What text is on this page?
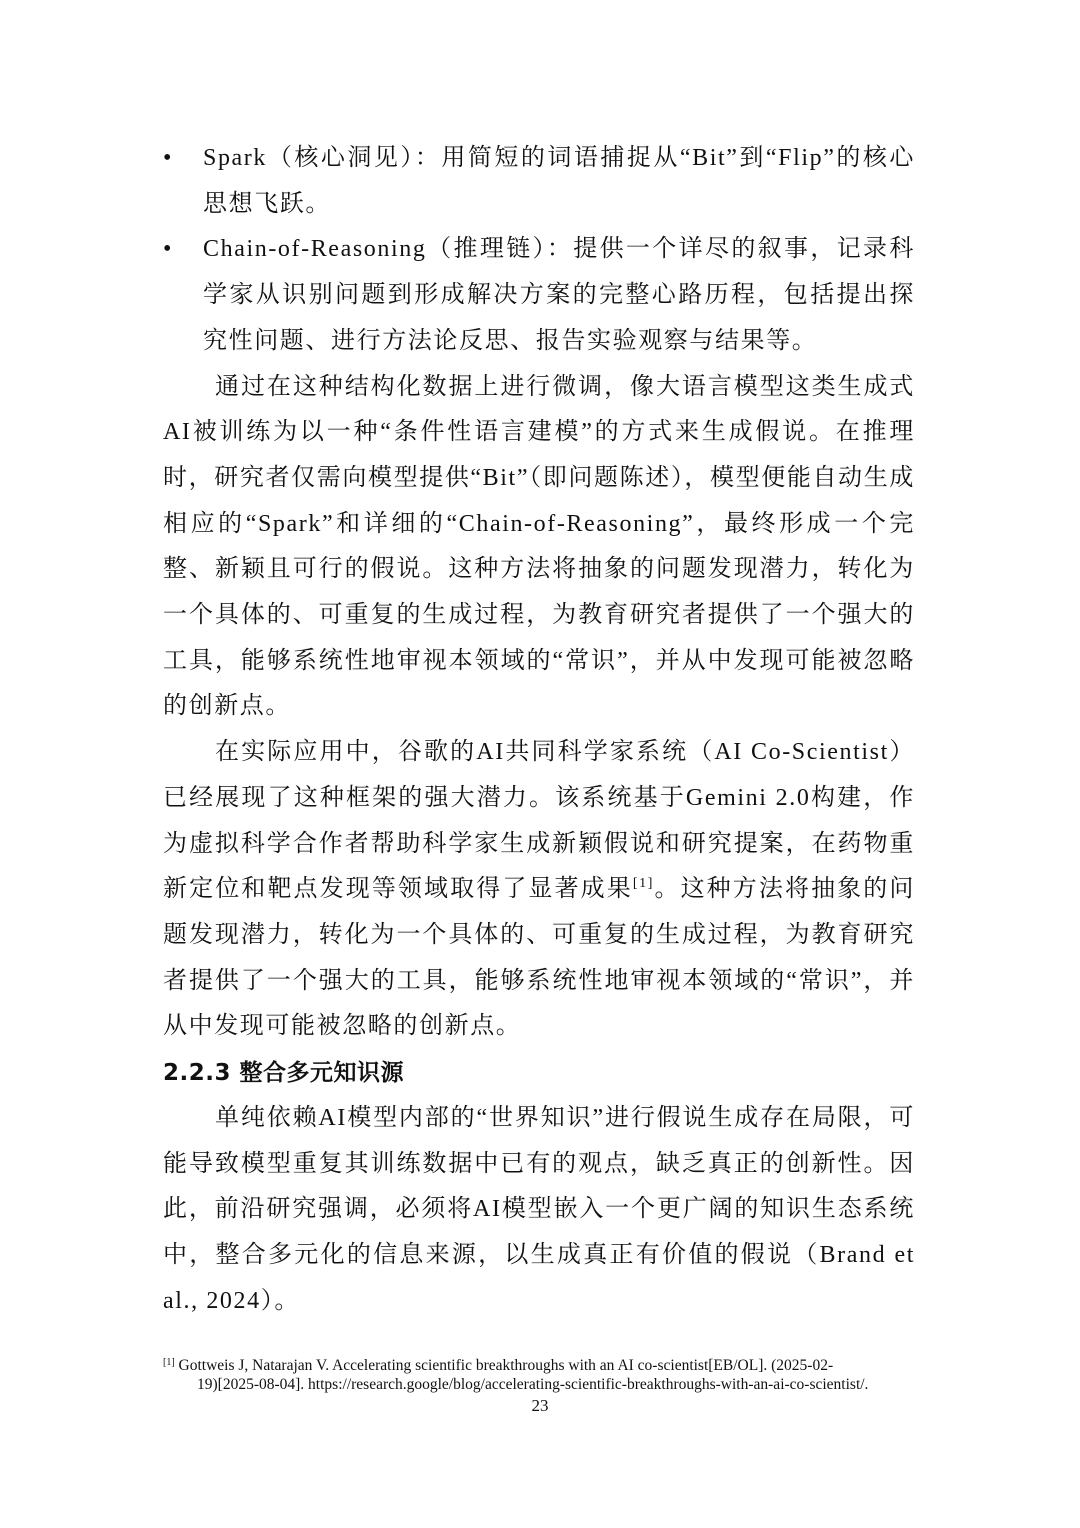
•	Spark（核心洞见）：用简短的词语捕捉从“Bit”到“Flip”的核心思想飞跃。

•	Chain-of-Reasoning（推理链）：提供一个详尽的叙事，记录科学家从识别问题到形成解决方案的完整心路历程，包括提出探究性问题、进行方法论反思、报告实验观察与结果等。

通过在这种结构化数据上进行微调，像大语言模型这类生成式AI被训练为以一种“条件性语言建模”的方式来生成假说。在推理时，研究者仅需向模型提供“Bit”（即问题陈述），模型便能自动生成相应的“Spark”和详细的“Chain-of-Reasoning”，最终形成一个完整、新颖且可行的假说。这种方法将抽象的问题发现潜力，转化为一个具体的、可重复的生成过程，为教育研究者提供了一个强大的工具，能够系统性地审视本领域的“常识”，并从中发现可能被忽略的创新点。

在实际应用中，谷歌的AI共同科学家系统（AI Co-Scientist）已经展现了这种框架的强大潜力。该系统基于Gemini 2.0构建，作为虚拟科学合作者帮助科学家生成新颖假说和研究提案，在药物重新定位和靶点发现等领域取得了显著成果[1]。这种方法将抽象的问题发现潜力，转化为一个具体的、可重复的生成过程，为教育研究者提供了一个强大的工具，能够系统性地审视本领域的“常识”，并从中发现可能被忽略的创新点。

2.2.3 整合多元知识源

单纯依赖AI模型内部的“世界知识”进行假说生成存在局限，可能导致模型重复其训练数据中已有的观点，缺乏真正的创新性。因此，前沿研究强调，必须将AI模型嵌入一个更广阔的知识生态系统中，整合多元化的信息来源，以生成真正有价值的假说（Brand et al., 2024）。

[1] Gottweis J, Natarajan V. Accelerating scientific breakthroughs with an AI co-scientist[EB/OL]. (2025-02-
19)[2025-08-04]. https://research.google/blog/accelerating-scientific-breakthroughs-with-an-ai-co-scientist/.
23
